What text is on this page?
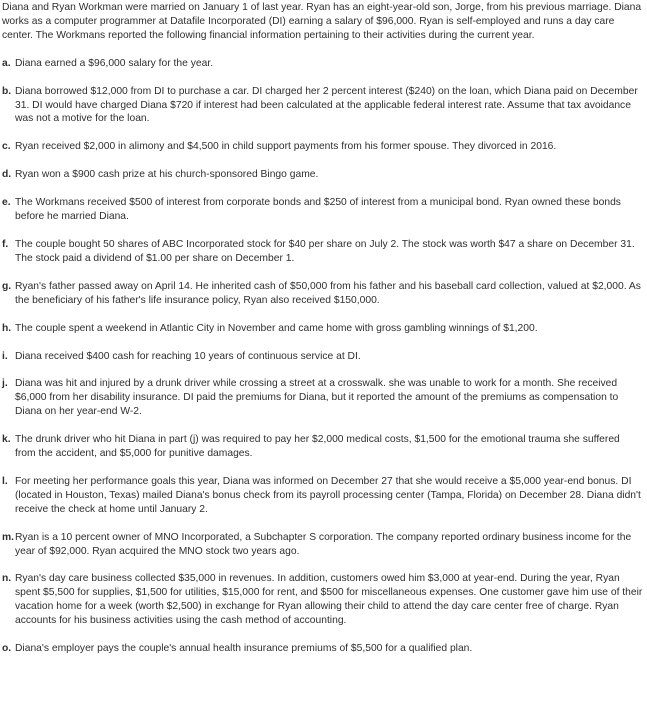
Diana and Ryan Workman were married on January 1 of last year. Ryan has an eight-year-old son, Jorge, from his previous marriage. Diana works as a computer programmer at Datafile Incorporated (DI) earning a salary of $96,000. Ryan is self-employed and runs a day care center. The Workmans reported the following financial information pertaining to their activities during the current year.
a. Diana earned a $96,000 salary for the year.
b. Diana borrowed $12,000 from DI to purchase a car. DI charged her 2 percent interest ($240) on the loan, which Diana paid on December 31. DI would have charged Diana $720 if interest had been calculated at the applicable federal interest rate. Assume that tax avoidance was not a motive for the loan.
c. Ryan received $2,000 in alimony and $4,500 in child support payments from his former spouse. They divorced in 2016.
d. Ryan won a $900 cash prize at his church-sponsored Bingo game.
e. The Workmans received $500 of interest from corporate bonds and $250 of interest from a municipal bond. Ryan owned these bonds before he married Diana.
f. The couple bought 50 shares of ABC Incorporated stock for $40 per share on July 2. The stock was worth $47 a share on December 31. The stock paid a dividend of $1.00 per share on December 1.
g. Ryan's father passed away on April 14. He inherited cash of $50,000 from his father and his baseball card collection, valued at $2,000. As the beneficiary of his father's life insurance policy, Ryan also received $150,000.
h. The couple spent a weekend in Atlantic City in November and came home with gross gambling winnings of $1,200.
i. Diana received $400 cash for reaching 10 years of continuous service at DI.
j. Diana was hit and injured by a drunk driver while crossing a street at a crosswalk. she was unable to work for a month. She received $6,000 from her disability insurance. DI paid the premiums for Diana, but it reported the amount of the premiums as compensation to Diana on her year-end W-2.
k. The drunk driver who hit Diana in part (j) was required to pay her $2,000 medical costs, $1,500 for the emotional trauma she suffered from the accident, and $5,000 for punitive damages.
l. For meeting her performance goals this year, Diana was informed on December 27 that she would receive a $5,000 year-end bonus. DI (located in Houston, Texas) mailed Diana's bonus check from its payroll processing center (Tampa, Florida) on December 28. Diana didn't receive the check at home until January 2.
m. Ryan is a 10 percent owner of MNO Incorporated, a Subchapter S corporation. The company reported ordinary business income for the year of $92,000. Ryan acquired the MNO stock two years ago.
n. Ryan's day care business collected $35,000 in revenues. In addition, customers owed him $3,000 at year-end. During the year, Ryan spent $5,500 for supplies, $1,500 for utilities, $15,000 for rent, and $500 for miscellaneous expenses. One customer gave him use of their vacation home for a week (worth $2,500) in exchange for Ryan allowing their child to attend the day care center free of charge. Ryan accounts for his business activities using the cash method of accounting.
o. Diana's employer pays the couple's annual health insurance premiums of $5,500 for a qualified plan.
